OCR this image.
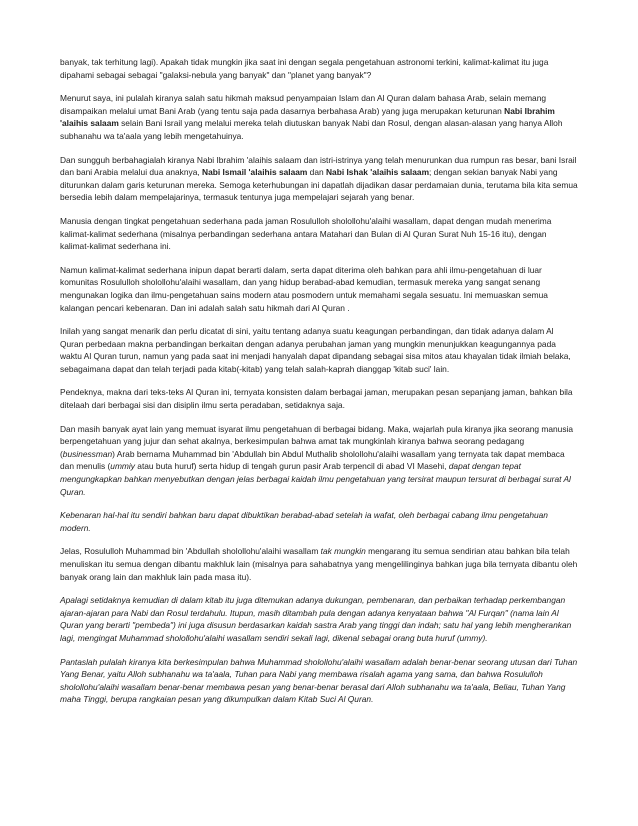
banyak, tak terhitung lagi). Apakah tidak mungkin jika saat ini dengan segala pengetahuan astronomi terkini, kalimat-kalimat itu juga dipahami sebagai sebagai "galaksi-nebula yang banyak" dan "planet yang banyak"?

Menurut saya, ini pulalah kiranya salah satu hikmah maksud penyampaian Islam dan Al Quran dalam bahasa Arab, selain memang disampaikan melalui umat Bani Arab (yang tentu saja pada dasarnya berbahasa Arab) yang juga merupakan keturunan Nabi Ibrahim 'alaihis salaam selain Bani Israil yang melalui mereka telah diutuskan banyak Nabi dan Rosul, dengan alasan-alasan yang hanya Alloh subhanahu wa ta'aala yang lebih mengetahuinya.

Dan sungguh berbahagialah kiranya Nabi Ibrahim 'alaihis salaam dan istri-istrinya yang telah menurunkan dua rumpun ras besar, bani Israil dan bani Arabia melalui dua anaknya, Nabi Ismail 'alaihis salaam dan Nabi Ishak 'alaihis salaam; dengan sekian banyak Nabi yang diturunkan dalam garis keturunan mereka. Semoga keterhubungan ini dapatlah dijadikan dasar perdamaian dunia, terutama bila kita semua bersedia lebih dalam mempelajarinya, termasuk tentunya juga mempelajari sejarah yang benar.

Manusia dengan tingkat pengetahuan sederhana pada jaman Rosululloh sholollohu'alaihi wasallam, dapat dengan mudah menerima kalimat-kalimat sederhana (misalnya perbandingan sederhana antara Matahari dan Bulan di Al Quran Surat Nuh 15-16 itu), dengan kalimat-kalimat sederhana ini.

Namun kalimat-kalimat sederhana inipun dapat berarti dalam, serta dapat diterima oleh bahkan para ahli ilmu-pengetahuan di luar komunitas Rosululloh sholollohu'alaihi wasallam, dan yang hidup berabad-abad kemudian, termasuk mereka yang sangat senang mengunakan logika dan ilmu-pengetahuan sains modern atau posmodern untuk memahami segala sesuatu. Ini memuaskan semua kalangan pencari kebenaran. Dan ini adalah salah satu hikmah dari Al Quran .

Inilah yang sangat menarik dan perlu dicatat di sini, yaitu tentang adanya suatu keagungan perbandingan, dan tidak adanya dalam Al Quran perbedaan makna perbandingan berkaitan dengan adanya perubahan jaman yang mungkin menunjukkan keagungannya pada waktu Al Quran turun, namun yang pada saat ini menjadi hanyalah dapat dipandang sebagai sisa mitos atau khayalan tidak ilmiah belaka, sebagaimana dapat dan telah terjadi pada kitab(-kitab) yang telah salah-kaprah dianggap 'kitab suci' lain.

Pendeknya, makna dari teks-teks Al Quran ini, ternyata konsisten dalam berbagai jaman, merupakan pesan sepanjang jaman, bahkan bila ditelaah dari berbagai sisi dan disiplin ilmu serta peradaban, setidaknya saja.

Dan masih banyak ayat lain yang memuat isyarat ilmu pengetahuan di berbagai bidang. Maka, wajarlah pula kiranya jika seorang manusia berpengetahuan yang jujur dan sehat akalnya, berkesimpulan bahwa amat tak mungkinlah kiranya bahwa seorang pedagang (businessman) Arab bernama Muhammad bin 'Abdullah bin Abdul Muthalib sholollohu'alaihi wasallam yang ternyata tak dapat membaca dan menulis (ummiy atau buta huruf) serta hidup di tengah gurun pasir Arab terpencil di abad VI Masehi, dapat dengan tepat mengungkapkan bahkan menyebutkan dengan jelas berbagai kaidah ilmu pengetahuan yang tersirat maupun tersurat di berbagai surat Al Quran.

Kebenaran hal-hal itu sendiri bahkan baru dapat dibuktikan berabad-abad setelah ia wafat, oleh berbagai cabang ilmu pengetahuan modern.

Jelas, Rosululloh Muhammad bin 'Abdullah sholollohu'alaihi wasallam tak mungkin mengarang itu semua sendirian atau bahkan bila telah menuliskan itu semua dengan dibantu makhluk lain (misalnya para sahabatnya yang mengelilinginya bahkan juga bila ternyata dibantu oleh banyak orang lain dan makhluk lain pada masa itu).

Apalagi setidaknya kemudian di dalam kitab itu juga ditemukan adanya dukungan, pembenaran, dan perbaikan terhadap perkembangan ajaran-ajaran para Nabi dan Rosul terdahulu. Itupun, masih ditambah pula dengan adanya kenyataan bahwa "Al Furqan" (nama lain Al Quran yang berarti "pembeda") ini juga disusun berdasarkan kaidah sastra Arab yang tinggi dan indah; satu hal yang lebih mengherankan lagi, mengingat Muhammad sholollohu'alaihi wasallam sendiri sekali lagi, dikenal sebagai orang buta huruf (ummy).

Pantaslah pulalah kiranya kita berkesimpulan bahwa Muhammad sholollohu'alaihi wasallam adalah benar-benar seorang utusan dari Tuhan Yang Benar, yaitu Alloh subhanahu wa ta'aala, Tuhan para Nabi yang membawa risalah agama yang sama, dan bahwa Rosululloh sholollohu'alaihi wasallam benar-benar membawa pesan yang benar-benar berasal dari Alloh subhanahu wa ta'aala, Beliau, Tuhan Yang maha Tinggi, berupa rangkaian pesan yang dikumpulkan dalam Kitab Suci Al Quran.
